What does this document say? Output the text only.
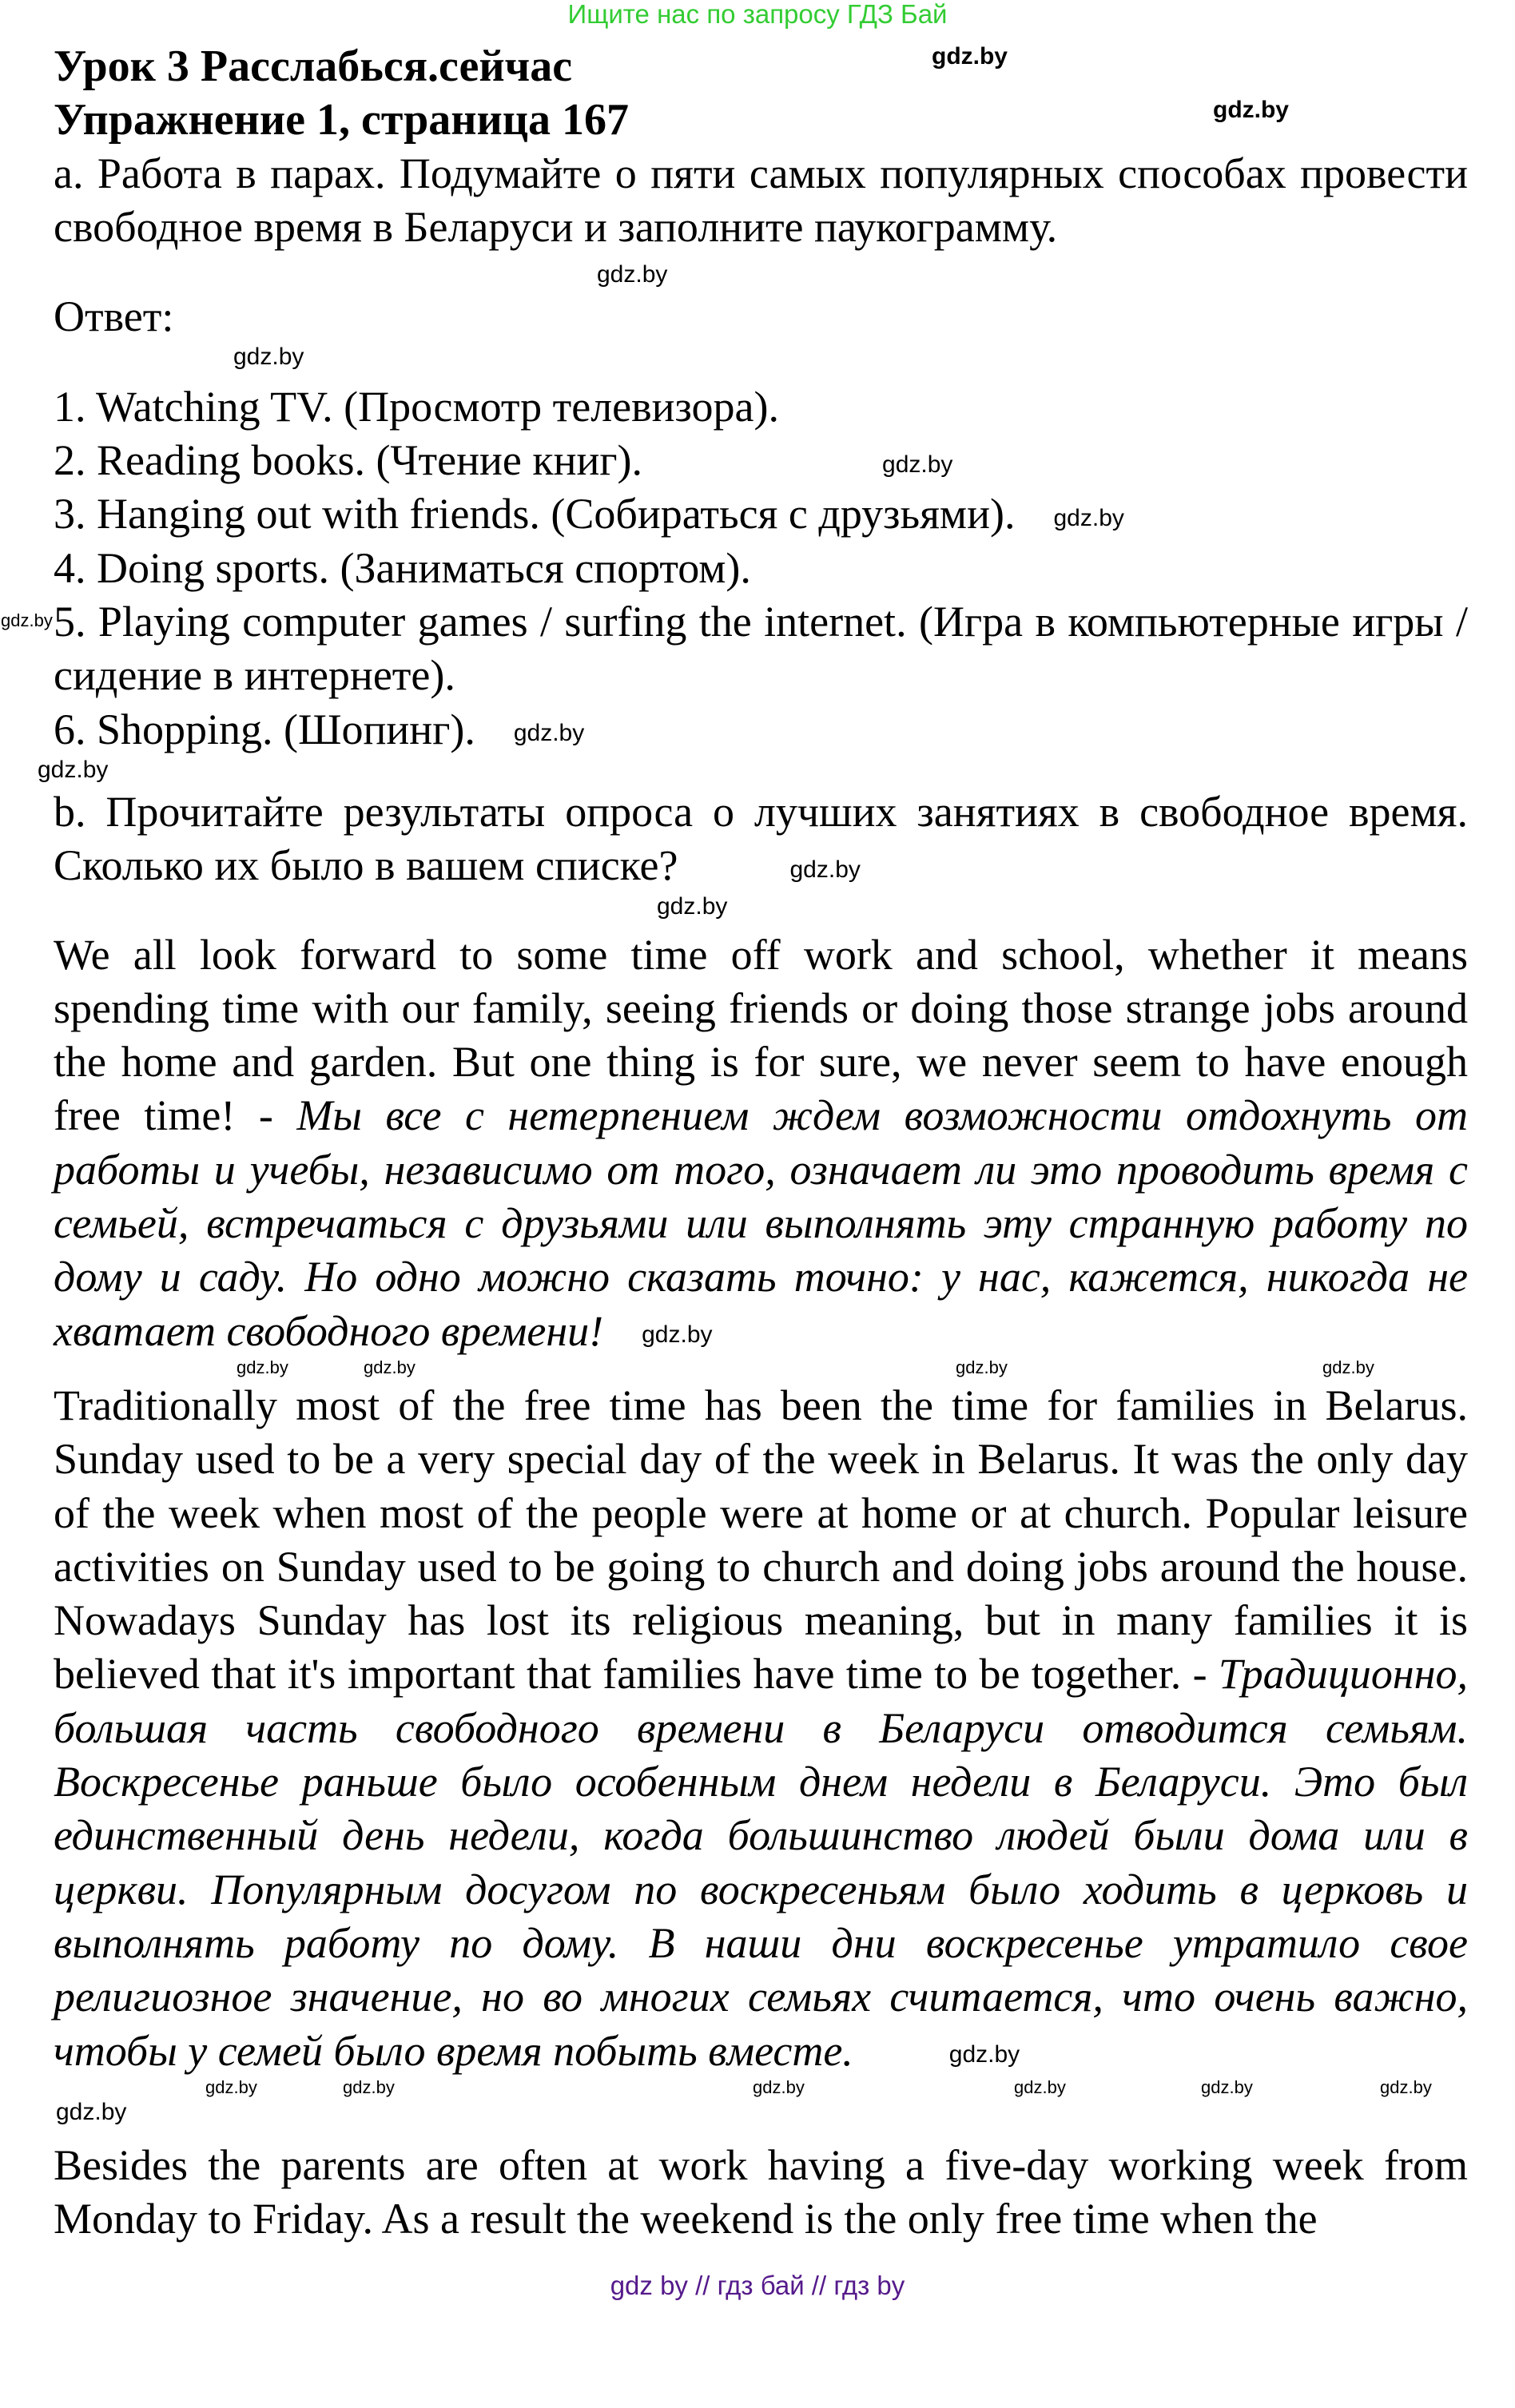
Ищите нас по запросу ГДЗ Бай
Урок 3 Расслабься.сейчас	gdz.by
Упражнение 1, страница 167	gdz.by

a. Работа в парах. Подумайте о пяти самых популярных способах провести свободное время в Беларуси и заполните паукограмму.

gdz.by
Ответ:
gdz.by

1. Watching TV. (Просмотр телевизора).

2. Reading books. (Чтение книг).	gdz.by

3. Hanging out with friends. (Собираться с друзьями). gdz.by

4. Doing sports. (Заниматься спортом).

gdz.by 5. Playing computer games / surfing the internet. (Игра в компьютерные игры /сидение в интернете).

6. Shopping. (Шопинг). gdz.by

gdz.by

b. Прочитайте результаты опроса о лучших занятиях в свободное время. Сколько их было в вашем списке?	gdz.by

gdz.by

We all look forward to some time off work and school, whether it means spending time with our family, seeing friends or doing those strange jobs around the home and garden. But one thing is for sure, we never seem to have enough free time! - Мы все с нетерпением ждем возможности отдохнуть от работы и учебы, независимо от того, означает ли это проводить время с семьей, встречаться с друзьями или выполнять эту странную работу по дому и саду. Но одно можно сказать точно: у нас, кажется, никогда не хватает свободного времени! gdz.by

gdz.by	gdz.by	gdz.by	gdz.by

Traditionally most of the free time has been the time for families in Belarus. Sunday used to be a very special day of the week in Belarus. It was the only day of the week when most of the people were at home or at church. Popular leisure activities on Sunday used to be going to church and doing jobs around the house. Nowadays Sunday has lost its religious meaning, but in many families it is believed that it's important that families have time to be together. - Традиционно, большая часть свободного времени в Беларуси отводится семьям. Воскресенье раньше было особенным днем недели в Беларуси. Это был единственный день недели, когда большинство людей были дома или в церкви. Популярным досугом по воскресеньям было ходить в церковь и выполнять работу по дому. В наши дни воскресенье утратило свое религиозное значение, но во многих семьях считается, что очень важно, чтобы у семей было время побыть вместе.	gdz.by

gdz.by	gdz.by	gdz.by	gdz.by	gdz.by	gdz.by
gdz.by

Besides the parents are often at work having a five-day working week from Monday to Friday. As a result the weekend is the only free time when the

gdz by // гдз бай // гдз by
